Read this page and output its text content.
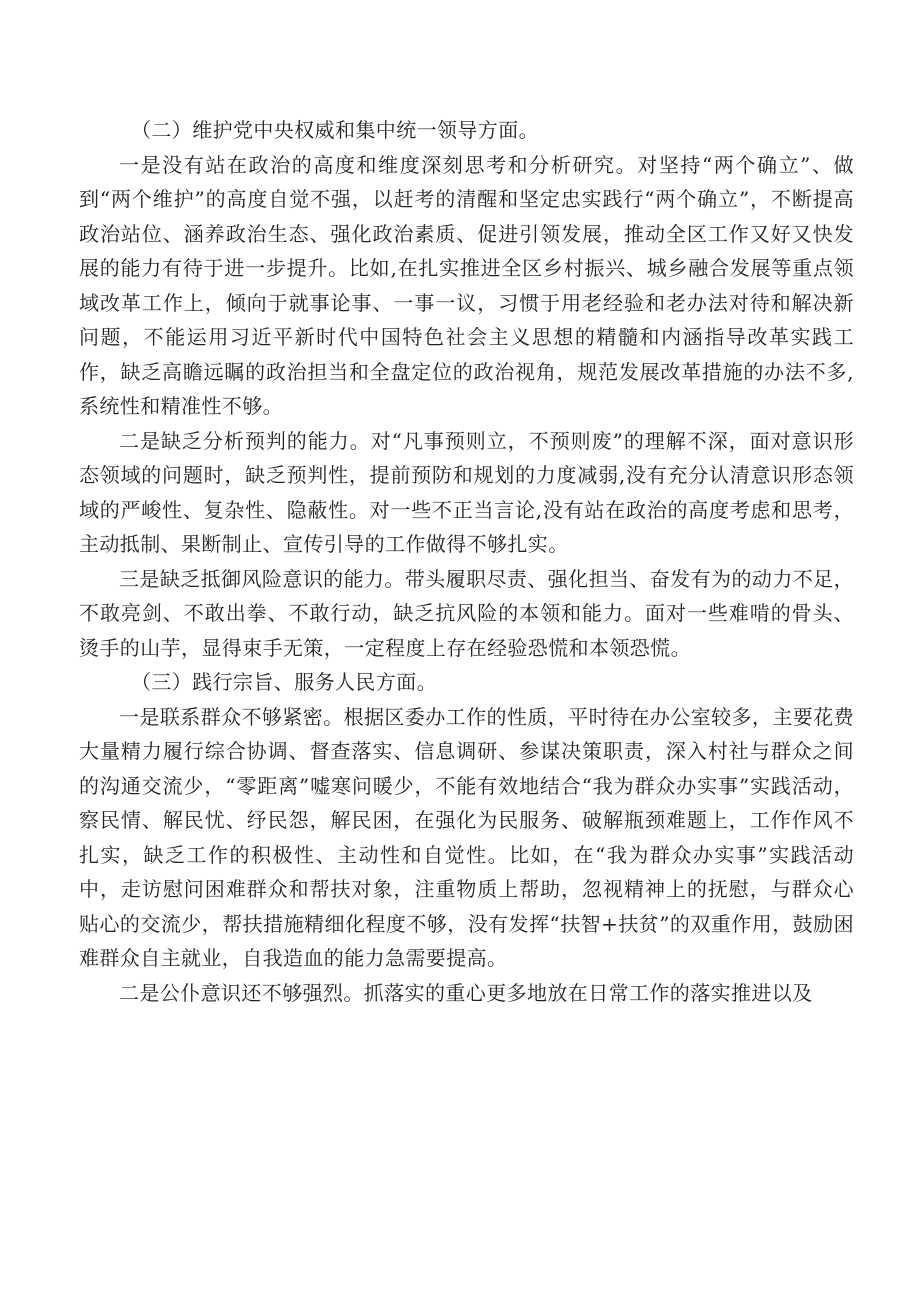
（二）维护党中央权威和集中统一领导方面。

一是没有站在政治的高度和维度深刻思考和分析研究。对坚持“两个确立”、做到“两个维护”的高度自觉不强，以赶考的清醒和坚定忠实践行“两个确立”，不断提高政治站位、涵养政治生态、强化政治素质、促进引领发展，推动全区工作又好又快发展的能力有待于进一步提升。比如,在扎实推进全区乡村振兴、城乡融合发展等重点领域改革工作上，倾向于就事论事、一事一议，习惯于用老经验和老办法对待和解决新问题，不能运用习近平新时代中国特色社会主义思想的精髓和内涵指导改革实践工作，缺乏高瞻远瞩的政治担当和全盘定位的政治视角，规范发展改革措施的办法不多,系统性和精准性不够。

二是缺乏分析预判的能力。对“凡事预则立，不预则废”的理解不深，面对意识形态领域的问题时，缺乏预判性，提前预防和规划的力度减弱,没有充分认清意识形态领域的严峻性、复杂性、隐蔽性。对一些不正当言论,没有站在政治的高度考虑和思考，主动抵制、果断制止、宣传引导的工作做得不够扎实。

三是缺乏抵御风险意识的能力。带头履职尽责、强化担当、奋发有为的动力不足，不敢亮剑、不敢出拳、不敢行动，缺乏抗风险的本领和能力。面对一些难啃的骨头、烫手的山芋，显得束手无策，一定程度上存在经验恐慌和本领恐慌。

（三）践行宗旨、服务人民方面。

一是联系群众不够紧密。根据区委办工作的性质，平时待在办公室较多，主要花费大量精力履行综合协调、督查落实、信息调研、参谋决策职责，深入村社与群众之间的沟通交流少，“零距离”嘘寒问暖少，不能有效地结合“我为群众办实事”实践活动，察民情、解民忧、纾民怨，解民困，在强化为民服务、破解瓶颈难题上，工作作风不扎实，缺乏工作的积极性、主动性和自觉性。比如，在“我为群众办实事”实践活动中，走访慰问困难群众和帮扶对象，注重物质上帮助，忽视精神上的抚慰，与群众心贴心的交流少，帮扶措施精细化程度不够，没有发挥“扶智+扶贫”的双重作用，鼓励困难群众自主就业，自我造血的能力急需要提高。

二是公仆意识还不够强烈。抓落实的重心更多地放在日常工作的落实推进以及
